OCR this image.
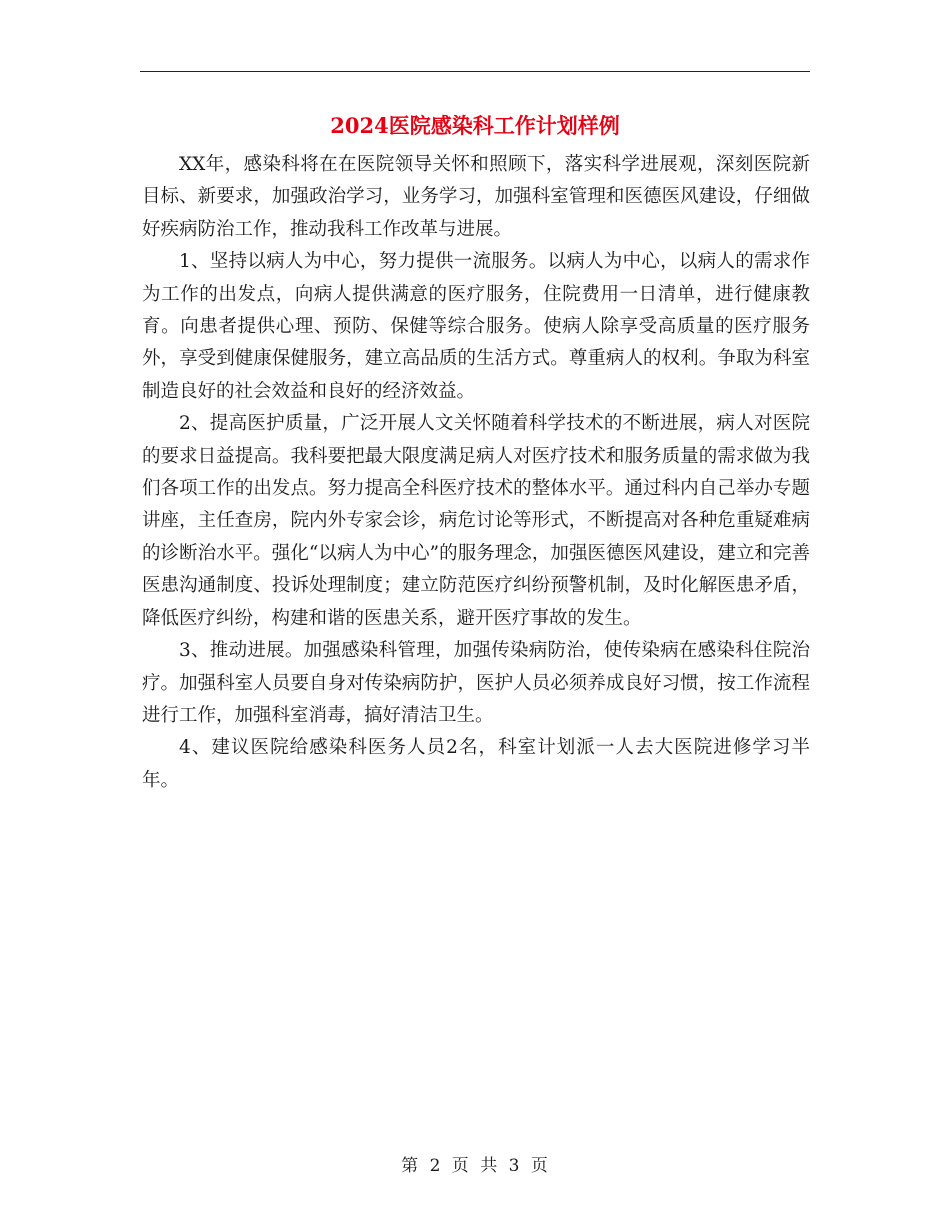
2024医院感染科工作计划样例

XX年，感染科将在在医院领导关怀和照顾下，落实科学进展观，深刻医院新目标、新要求，加强政治学习，业务学习，加强科室管理和医德医风建设，仔细做好疾病防治工作，推动我科工作改革与进展。

1、坚持以病人为中心，努力提供一流服务。以病人为中心，以病人的需求作为工作的出发点，向病人提供满意的医疗服务，住院费用一日清单，进行健康教育。向患者提供心理、预防、保健等综合服务。使病人除享受高质量的医疗服务外，享受到健康保健服务，建立高品质的生活方式。尊重病人的权利。争取为科室制造良好的社会效益和良好的经济效益。

2、提高医护质量，广泛开展人文关怀随着科学技术的不断进展，病人对医院的要求日益提高。我科要把最大限度满足病人对医疗技术和服务质量的需求做为我们各项工作的出发点。努力提高全科医疗技术的整体水平。通过科内自己举办专题讲座，主任查房，院内外专家会诊，病危讨论等形式，不断提高对各种危重疑难病的诊断治水平。强化“以病人为中心”的服务理念，加强医德医风建设，建立和完善医患沟通制度、投诉处理制度；建立防范医疗纠纷预警机制，及时化解医患矛盾，降低医疗纠纷，构建和谐的医患关系，避开医疗事故的发生。

3、推动进展。加强感染科管理，加强传染病防治，使传染病在感染科住院治疗。加强科室人员要自身对传染病防护，医护人员必须养成良好习惯，按工作流程进行工作，加强科室消毒，搞好清洁卫生。

4、建议医院给感染科医务人员2名，科室计划派一人去大医院进修学习半年。

第 2 页 共 3 页
